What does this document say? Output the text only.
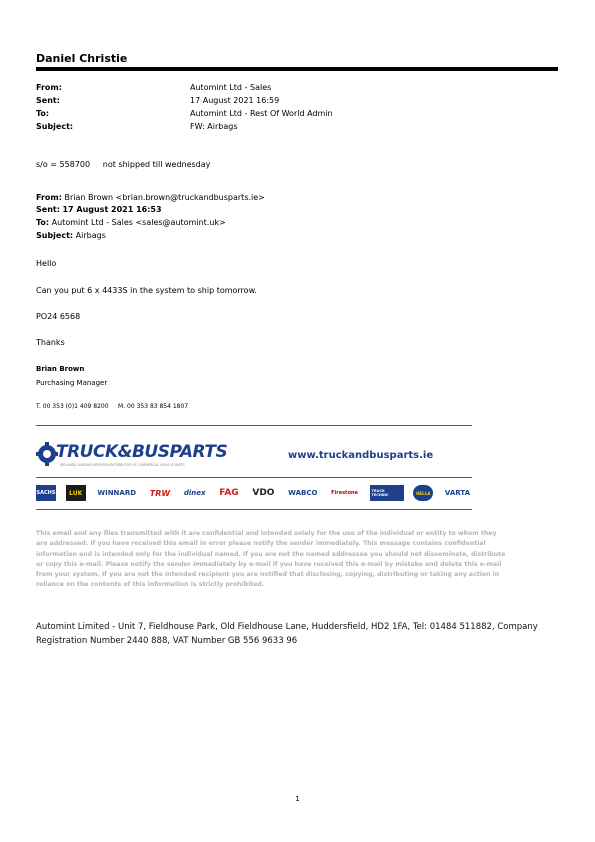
Daniel Christie
From:	Automint Ltd - Sales
Sent:	17 August 2021 16:59
To:	Automint Ltd - Rest Of World Admin
Subject:	FW: Airbags
s/o = 558700     not shipped till wednesday
From: Brian Brown <brian.brown@truckandbusparts.ie>
Sent: 17 August 2021 16:53
To: Automint Ltd - Sales <sales@automint.uk>
Subject: Airbags
Hello
Can you put 6 x 4433S in the system to ship tomorrow.
PO24 6568
Thanks
Brian Brown
Purchasing Manager
T. 00 353 (0)1 409 8200     M. 00 353 83 854 1807
TRUCK&BUSPARTS
IRELANDS LEADING IMPORTER/DISTRIBUTOR OF COMMERCIAL VEHICLE PARTS
www.truckandbusparts.ie
SACHS	LUK	WINNARD TRW dinex FAG VDO WABCO	Firestone	TRUCK TECHNIC	HELLA	VARTA
This email and any files transmitted with it are confidential and intended solely for the use of the individual or entity to whom they are addressed. If you have received this email in error please notify the sender immediately. This message contains confidential information and is intended only for the individual named. If you are not the named addressee you should not disseminate, distribute or copy this e-mail. Please notify the sender immediately by e-mail if you have received this e-mail by mistake and delete this e-mail from your system. If you are not the intended recipient you are notified that disclosing, copying, distributing or taking any action in reliance on the contents of this information is strictly prohibited.
Automint Limited - Unit 7, Fieldhouse Park, Old Fieldhouse Lane, Huddersfield, HD2 1FA, Tel: 01484 511882, Company Registration Number 2440 888, VAT Number GB 556 9633 96
1
